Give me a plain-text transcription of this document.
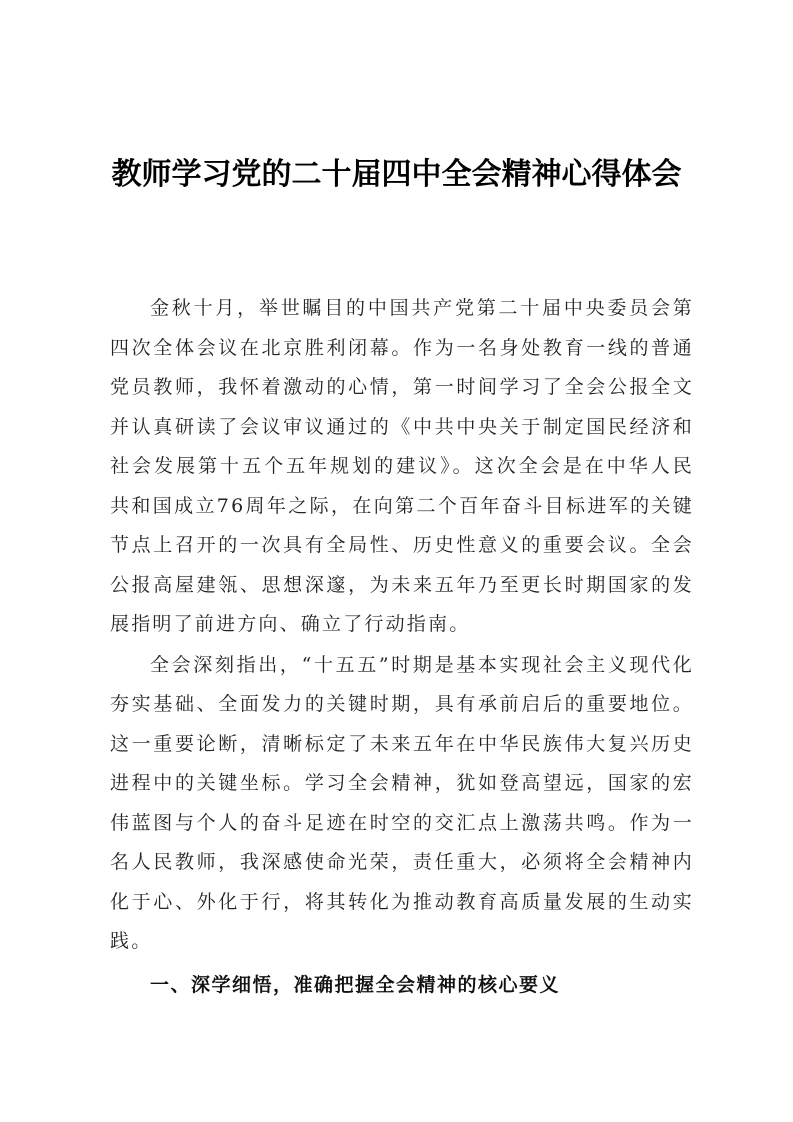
教师学习党的二十届四中全会精神心得体会

金秋十月，举世瞩目的中国共产党第二十届中央委员会第四次全体会议在北京胜利闭幕。作为一名身处教育一线的普通党员教师，我怀着激动的心情，第一时间学习了全会公报全文并认真研读了会议审议通过的《中共中央关于制定国民经济和社会发展第十五个五年规划的建议》。这次全会是在中华人民共和国成立76周年之际，在向第二个百年奋斗目标进军的关键节点上召开的一次具有全局性、历史性意义的重要会议。全会公报高屋建瓴、思想深邃，为未来五年乃至更长时期国家的发展指明了前进方向、确立了行动指南。

全会深刻指出，“十五五”时期是基本实现社会主义现代化夯实基础、全面发力的关键时期，具有承前启后的重要地位。这一重要论断，清晰标定了未来五年在中华民族伟大复兴历史进程中的关键坐标。学习全会精神，犹如登高望远，国家的宏伟蓝图与个人的奋斗足迹在时空的交汇点上激荡共鸣。作为一名人民教师，我深感使命光荣，责任重大，必须将全会精神内化于心、外化于行，将其转化为推动教育高质量发展的生动实践。

一、深学细悟，准确把握全会精神的核心要义
